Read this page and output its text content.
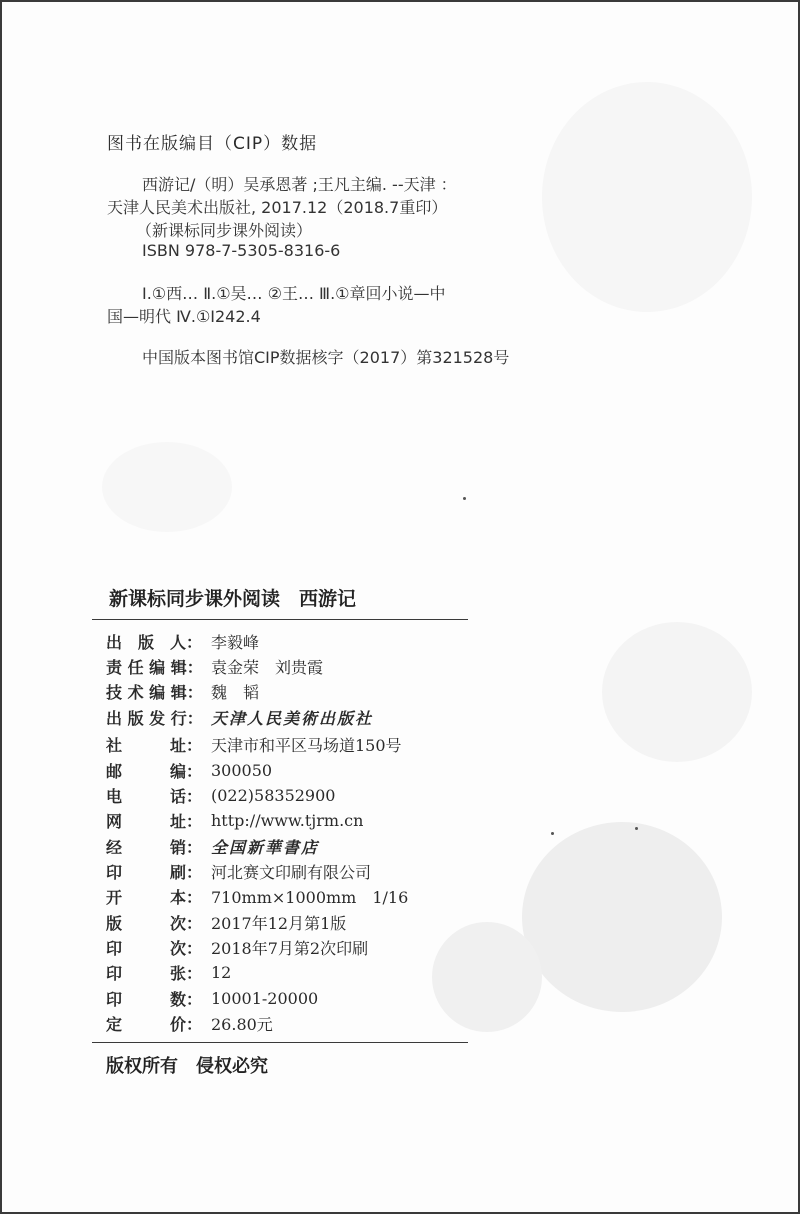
图书在版编目（CIP）数据
西游记/（明）吴承恩著 ;王凡主编. --天津 ：
天津人民美术出版社, 2017.12（2018.7重印）
（新课标同步课外阅读）
ISBN 978-7-5305-8316-6
Ⅰ.①西… Ⅱ.①吴… ②王… Ⅲ.①章回小说—中
国—明代 Ⅳ.①I242.4
中国版本图书馆CIP数据核字（2017）第321528号
新课标同步课外阅读　西游记
出　版　人： 李毅峰
责 任 编 辑： 袁金荣　刘贵霞
技 术 编 辑： 魏　韬
出 版 发 行： 天津人民美術出版社
社　　　址： 天津市和平区马场道150号
邮　　　编： 300050
电　　　话： (022)58352900
网　　　址： http://www.tjrm.cn
经　　　销： 全国新華書店
印　　　刷： 河北赛文印刷有限公司
开　　　本： 710mm×1000mm　1/16
版　　　次： 2017年12月第1版
印　　　次： 2018年7月第2次印刷
印　　　张： 12
印　　　数： 10001-20000
定　　　价： 26.80元
版权所有　侵权必究
